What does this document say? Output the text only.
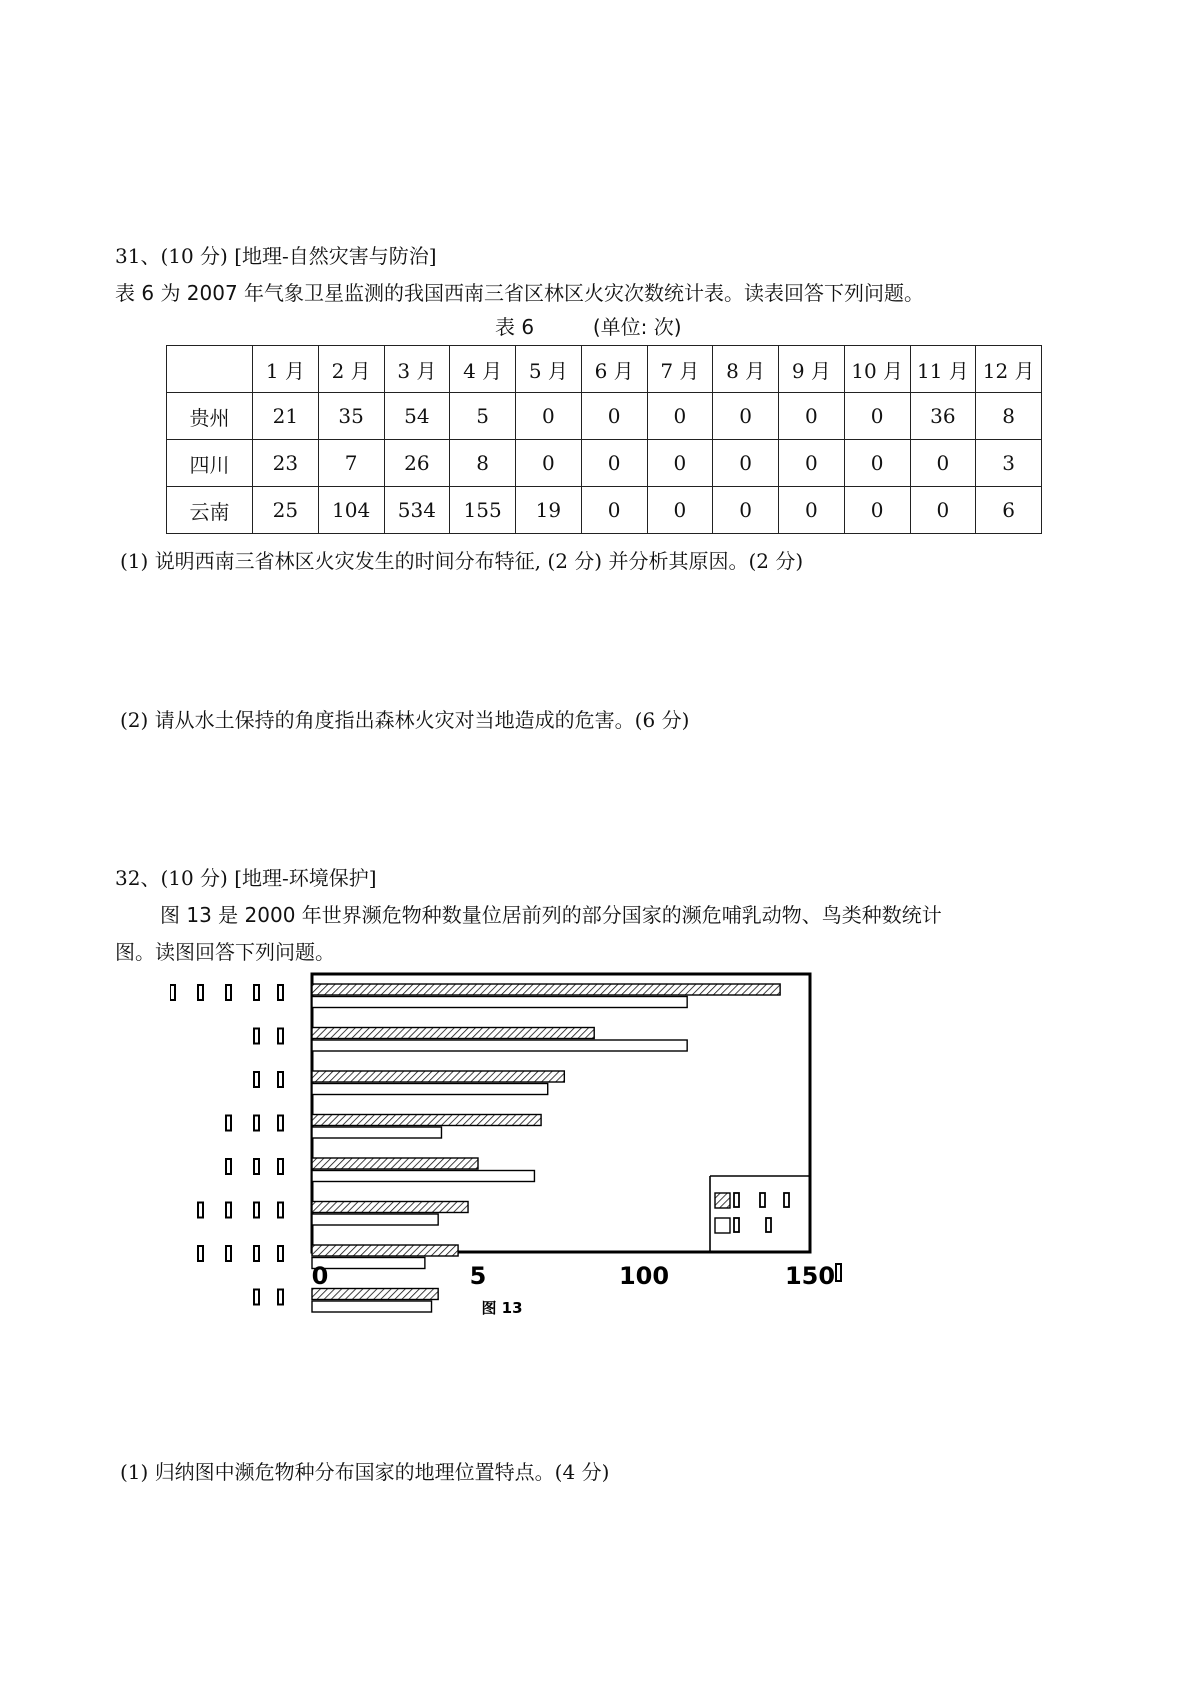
31、(10 分) [地理-自然灾害与防治]
表 6 为 2007 年气象卫星监测的我国西南三省区林区火灾次数统计表。读表回答下列问题。
表 6	(单位: 次)
	1 月	2 月	3 月	4 月	5 月	6 月	7 月	8 月	9 月	10 月	11 月	12 月
贵州	21	35	54	5	0	0	0	0	0	0	36	8
四川	23	7	26	8	0	0	0	0	0	0	0	3
云南	25	104	534	155	19	0	0	0	0	0	0	6
(1) 说明西南三省林区火灾发生的时间分布特征, (2 分) 并分析其原因。(2 分)
(2) 请从水土保持的角度指出森林火灾对当地造成的危害。(6 分)
32、(10 分) [地理-环境保护]
图 13 是 2000 年世界濒危物种数量位居前列的部分国家的濒危哺乳动物、鸟类种数统计
图。读图回答下列问题。
0	5	100	150
图 13
(1) 归纳图中濒危物种分布国家的地理位置特点。(4 分)
